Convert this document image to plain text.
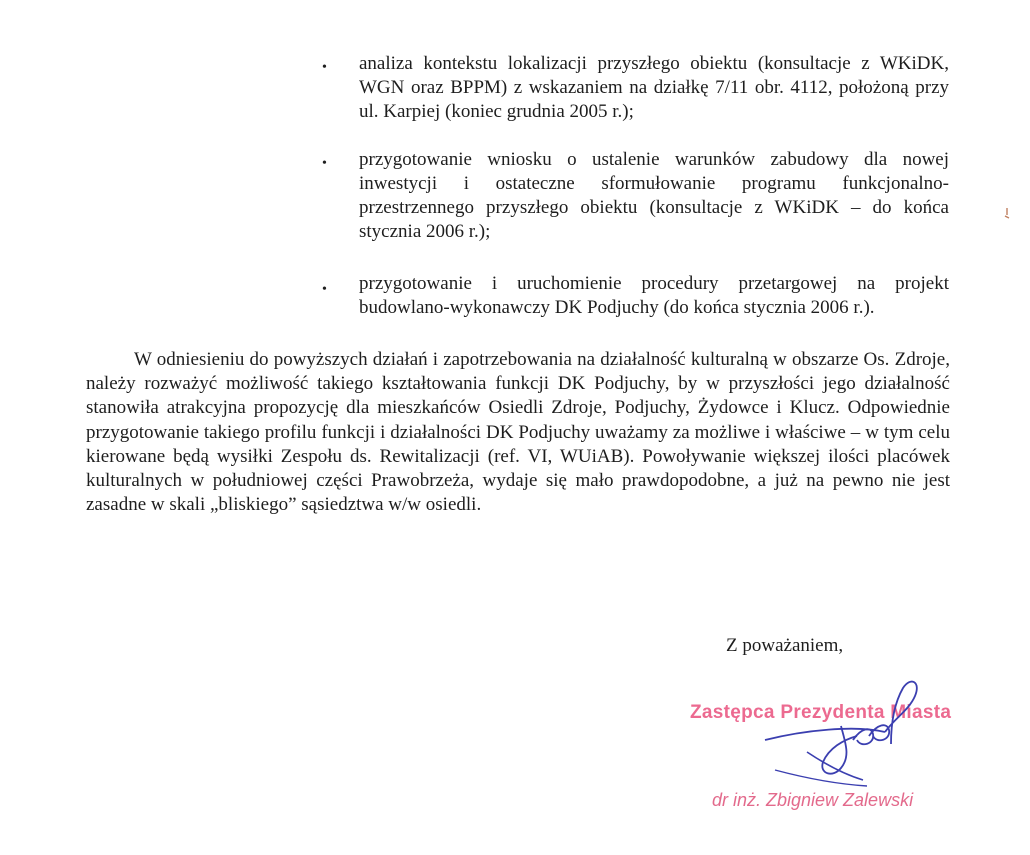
• analiza kontekstu lokalizacji przyszłego obiektu (konsultacje z WKiDK, WGN oraz BPPM) z wskazaniem na działkę 7/11 obr. 4112, położoną przy ul. Karpiej (koniec grudnia 2005 r.);
• przygotowanie wniosku o ustalenie warunków zabudowy dla nowej inwestycji i ostateczne sformułowanie programu funkcjonalno-przestrzennego przyszłego obiektu (konsultacje z WKiDK – do końca stycznia 2006 r.);
• przygotowanie i uruchomienie procedury przetargowej na projekt budowlano-wykonawczy DK Podjuchy (do końca stycznia 2006 r.).
W odniesieniu do powyższych działań i zapotrzebowania na działalność kulturalną w obszarze Os. Zdroje, należy rozważyć możliwość takiego kształtowania funkcji DK Podjuchy, by w przyszłości jego działalność stanowiła atrakcyjna propozycję dla mieszkańców Osiedli Zdroje, Podjuchy, Żydowce i Klucz. Odpowiednie przygotowanie takiego profilu funkcji i działalności DK Podjuchy uważamy za możliwe i właściwe – w tym celu kierowane będą wysiłki Zespołu ds. Rewitalizacji (ref. VI, WUiAB). Powoływanie większej ilości placówek kulturalnych w południowej części Prawobrzeża, wydaje się mało prawdopodobne, a już na pewno nie jest zasadne w skali „bliskiego” sąsiedztwa w/w osiedli.
Z poważaniem,
Zastępca Prezydenta Miasta
dr inż. Zbigniew Zalewski
